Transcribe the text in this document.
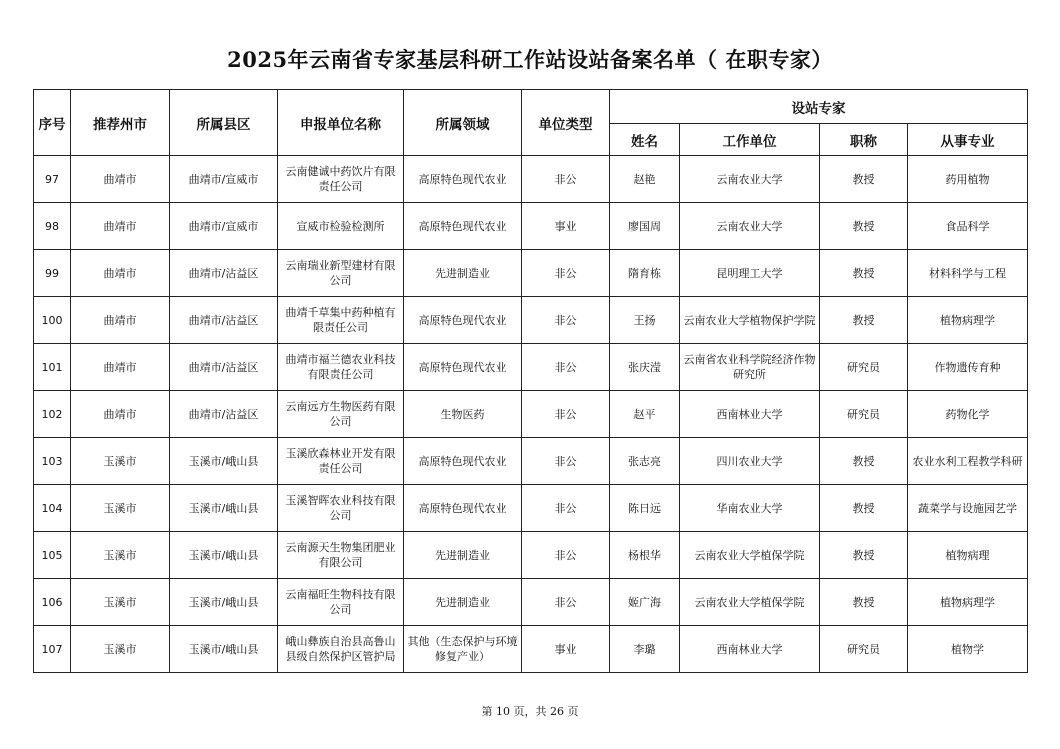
2025年云南省专家基层科研工作站设站备案名单（ 在职专家）
序号	推荐州市	所属县区	申报单位名称	所属领域	单位类型	设站专家			
						姓名	工作单位	职称	从事专业
97	曲靖市	曲靖市/宣威市	云南健诚中药饮片有限责任公司	高原特色现代农业	非公	赵艳	云南农业大学	教授	药用植物
98	曲靖市	曲靖市/宣威市	宣威市检验检测所	高原特色现代农业	事业	廖国周	云南农业大学	教授	食品科学
99	曲靖市	曲靖市/沾益区	云南瑞业新型建材有限公司	先进制造业	非公	隋育栋	昆明理工大学	教授	材料科学与工程
100	曲靖市	曲靖市/沾益区	曲靖千草集中药种植有限责任公司	高原特色现代农业	非公	王扬	云南农业大学植物保护学院	教授	植物病理学
101	曲靖市	曲靖市/沾益区	曲靖市福兰德农业科技有限责任公司	高原特色现代农业	非公	张庆滢	云南省农业科学院经济作物研究所	研究员	作物遗传育种
102	曲靖市	曲靖市/沾益区	云南远方生物医药有限公司	生物医药	非公	赵平	西南林业大学	研究员	药物化学
103	玉溪市	玉溪市/峨山县	玉溪欣森林业开发有限责任公司	高原特色现代农业	非公	张志亮	四川农业大学	教授	农业水利工程教学科研
104	玉溪市	玉溪市/峨山县	玉溪智晖农业科技有限公司	高原特色现代农业	非公	陈日远	华南农业大学	教授	蔬菜学与设施园艺学
105	玉溪市	玉溪市/峨山县	云南源天生物集团肥业有限公司	先进制造业	非公	杨根华	云南农业大学植保学院	教授	植物病理
106	玉溪市	玉溪市/峨山县	云南福旺生物科技有限公司	先进制造业	非公	姬广海	云南农业大学植保学院	教授	植物病理学
107	玉溪市	玉溪市/峨山县	峨山彝族自治县高鲁山县级自然保护区管护局	其他（生态保护与环境修复产业）	事业	李璐	西南林业大学	研究员	植物学
第 10 页，共 26 页
